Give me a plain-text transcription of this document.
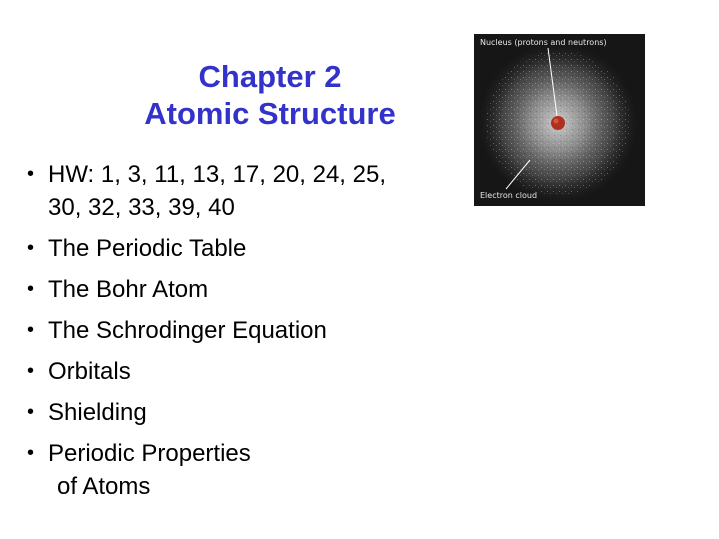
Chapter 2
Atomic Structure
• HW: 1, 3, 11, 13, 17, 20, 24, 25,
30, 32, 33, 39, 40
• The Periodic Table
• The Bohr Atom
• The Schrodinger Equation
• Orbitals
• Shielding
• Periodic Properties
of Atoms
Nucleus (protons and neutrons)
Electron cloud
